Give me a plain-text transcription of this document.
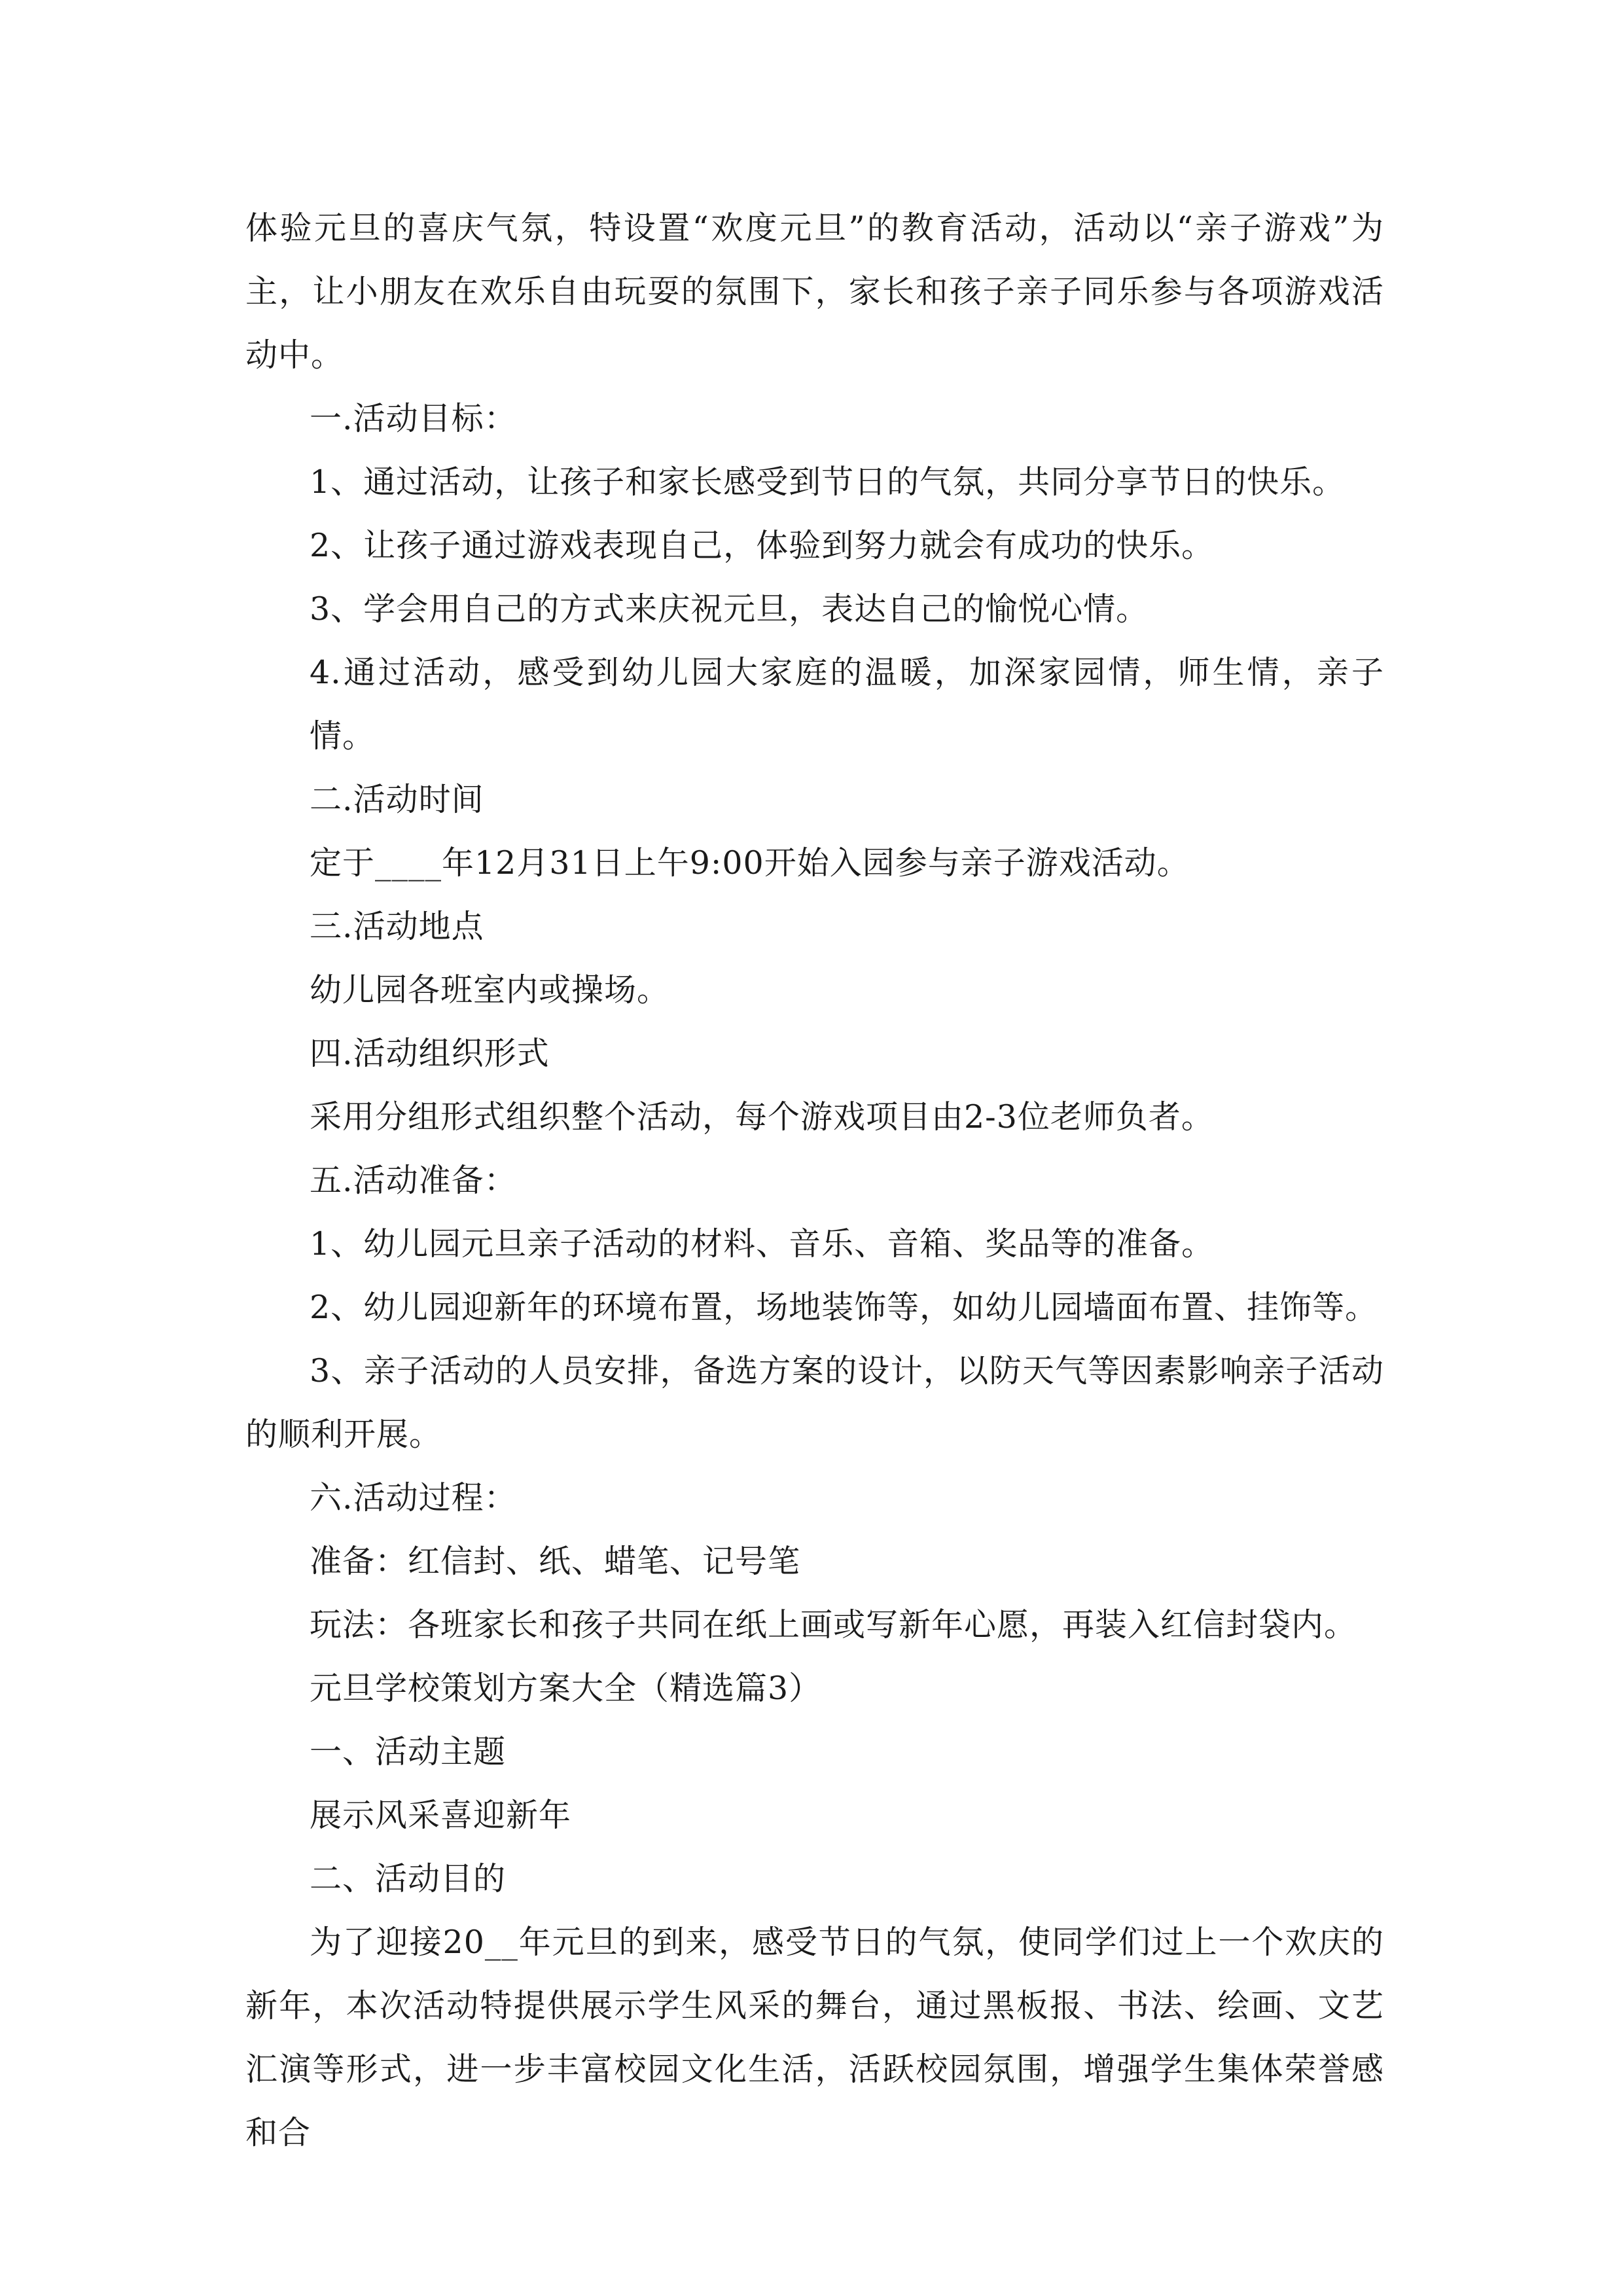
体验元旦的喜庆气氛，特设置“欢度元旦”的教育活动，活动以“亲子游戏”为主，让小朋友在欢乐自由玩耍的氛围下，家长和孩子亲子同乐参与各项游戏活动中。

一.活动目标：

1、通过活动，让孩子和家长感受到节日的气氛，共同分享节日的快乐。

2、让孩子通过游戏表现自己，体验到努力就会有成功的快乐。

3、学会用自己的方式来庆祝元旦，表达自己的愉悦心情。

4.通过活动，感受到幼儿园大家庭的温暖，加深家园情，师生情，亲子情。

二.活动时间

定于____年12月31日上午9:00开始入园参与亲子游戏活动。

三.活动地点

幼儿园各班室内或操场。

四.活动组织形式

采用分组形式组织整个活动，每个游戏项目由2-3位老师负者。

五.活动准备：

1、幼儿园元旦亲子活动的材料、音乐、音箱、奖品等的准备。

2、幼儿园迎新年的环境布置，场地装饰等，如幼儿园墙面布置、挂饰等。

3、亲子活动的人员安排，备选方案的设计，以防天气等因素影响亲子活动的顺利开展。

六.活动过程：

准备：红信封、纸、蜡笔、记号笔

玩法：各班家长和孩子共同在纸上画或写新年心愿，再装入红信封袋内。

元旦学校策划方案大全（精选篇3）

一、活动主题

展示风采喜迎新年

二、活动目的

为了迎接20__年元旦的到来，感受节日的气氛，使同学们过上一个欢庆的新年，本次活动特提供展示学生风采的舞台，通过黑板报、书法、绘画、文艺汇演等形式，进一步丰富校园文化生活，活跃校园氛围，增强学生集体荣誉感和合
